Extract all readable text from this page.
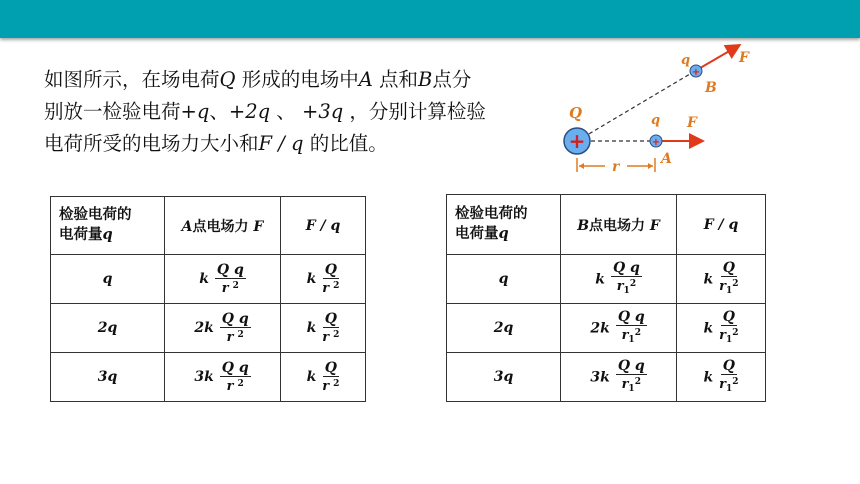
如图所示，在场电荷Q 形成的电场中A 点和B点分
别放一检验电荷+q、+2q 、 +3q ，分别计算检验
电荷所受的电场力大小和F / q 的比值。	+	+
+
Q
q
B
F
q F
A
r
检验电荷的
电荷量q	A点电场力 F	F / q
q	k $\frac{\text{Q q}}{r ^2}$	k $\frac{Q}{r ^2}$

2q	$2k \frac{\text{Q q}}{r ^2}$	k $\frac{Q}{r ^2}$

3q	$3k \frac{\text{Q q}}{r ^2}$	k $\frac{Q}{r ^2}$
检验电荷的
电荷量q	B点电场力 F	F / q
q	k $\frac{\text{Q q}}{r_1^2}$	k $\frac{Q}{r_1^2}$

2q	$2k \frac{\text{Q q}}{r_1^2}$	k $\frac{Q}{r_1^2}$

3q	$3k \frac{\text{Q q}}{r_1^2}$	k $\frac{Q}{r_1^2}$
